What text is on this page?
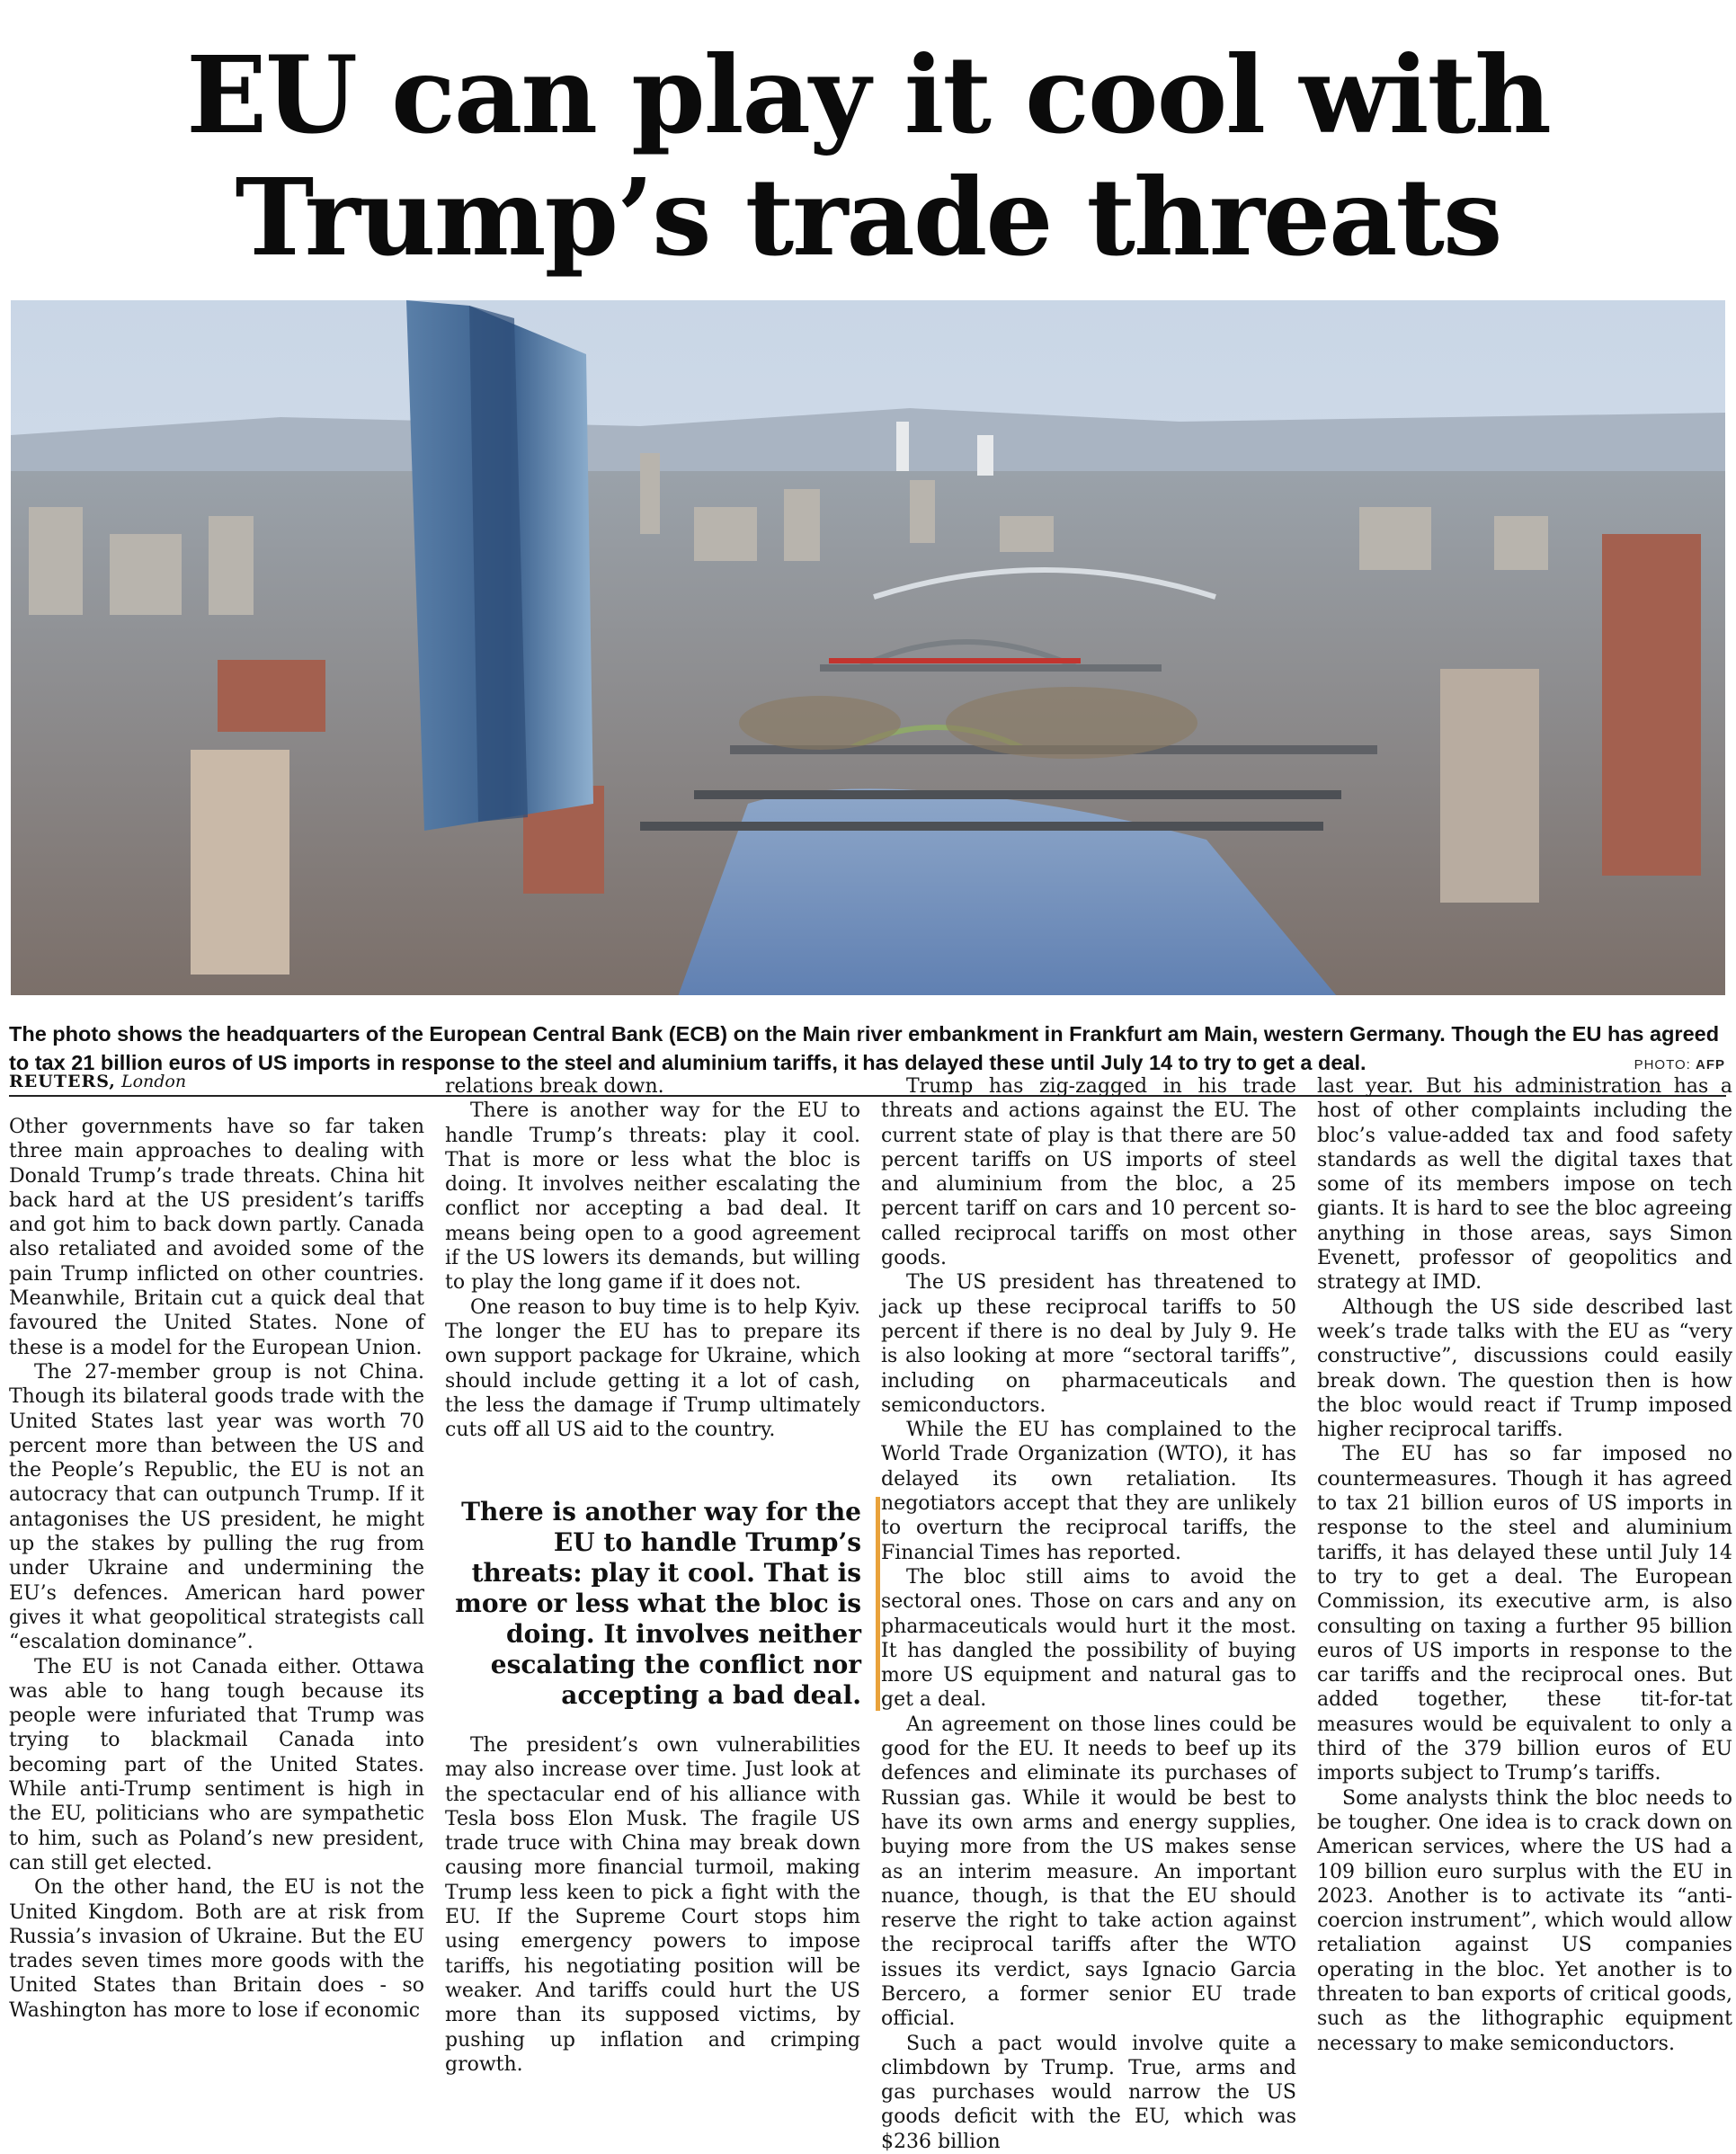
EU can play it cool with
Trump’s trade threats

The photo shows the headquarters of the European Central Bank (ECB) on the Main river embankment in Frankfurt am Main, western Germany. Though the EU has agreed to tax 21 billion euros of US imports in response to the steel and aluminium tariffs, it has delayed these until July 14 to try to get a deal.	PHOTO: AFP
REUTERS, London

Other governments have so far taken three main approaches to dealing with Donald Trump’s trade threats. China hit back hard at the US president’s tariffs and got him to back down partly. Canada also retaliated and avoided some of the pain Trump inflicted on other countries. Meanwhile, Britain cut a quick deal that favoured the United States. None of these is a model for the European Union.

The 27-member group is not China. Though its bilateral goods trade with the United States last year was worth 70 percent more than between the US and the People’s Republic, the EU is not an autocracy that can outpunch Trump. If it antagonises the US president, he might up the stakes by pulling the rug from under Ukraine and undermining the EU’s defences. American hard power gives it what geopolitical strategists call “escalation dominance”.

The EU is not Canada either. Ottawa was able to hang tough because its people were infuriated that Trump was trying to blackmail Canada into becoming part of the United States. While anti-Trump sentiment is high in the EU, politicians who are sympathetic to him, such as Poland’s new president, can still get elected.

On the other hand, the EU is not the United Kingdom. Both are at risk from Russia’s invasion of Ukraine. But the EU trades seven times more goods with the United States than Britain does - so Washington has more to lose if economic

relations break down.

There is another way for the EU to handle Trump’s threats: play it cool. That is more or less what the bloc is doing. It involves neither escalating the conflict nor accepting a bad deal. It means being open to a good agreement if the US lowers its demands, but willing to play the long game if it does not.

One reason to buy time is to help Kyiv. The longer the EU has to prepare its own support package for Ukraine, which should include getting it a lot of cash, the less the damage if Trump ultimately cuts off all US aid to the country.

There is another way for the EU to handle Trump’s threats: play it cool. That is more or less what the bloc is doing. It involves neither escalating the conflict nor accepting a bad deal.

The president’s own vulnerabilities may also increase over time. Just look at the spectacular end of his alliance with Tesla boss Elon Musk. The fragile US trade truce with China may break down causing more financial turmoil, making Trump less keen to pick a fight with the EU. If the Supreme Court stops him using emergency powers to impose tariffs, his negotiating position will be weaker. And tariffs could hurt the US more than its supposed victims, by pushing up inflation and crimping growth.

Trump has zig-zagged in his trade threats and actions against the EU. The current state of play is that there are 50 percent tariffs on US imports of steel and aluminium from the bloc, a 25 percent tariff on cars and 10 percent so-called reciprocal tariffs on most other goods.

The US president has threatened to jack up these reciprocal tariffs to 50 percent if there is no deal by July 9. He is also looking at more “sectoral tariffs”, including on pharmaceuticals and semiconductors.

While the EU has complained to the World Trade Organization (WTO), it has delayed its own retaliation. Its negotiators accept that they are unlikely to overturn the reciprocal tariffs, the Financial Times has reported.

The bloc still aims to avoid the sectoral ones. Those on cars and any on pharmaceuticals would hurt it the most. It has dangled the possibility of buying more US equipment and natural gas to get a deal.

An agreement on those lines could be good for the EU. It needs to beef up its defences and eliminate its purchases of Russian gas. While it would be best to have its own arms and energy supplies, buying more from the US makes sense as an interim measure. An important nuance, though, is that the EU should reserve the right to take action against the reciprocal tariffs after the WTO issues its verdict, says Ignacio Garcia Bercero, a former senior EU trade official.

Such a pact would involve quite a climbdown by Trump. True, arms and gas purchases would narrow the US goods deficit with the EU, which was $236 billion

last year. But his administration has a host of other complaints including the bloc’s value-added tax and food safety standards as well the digital taxes that some of its members impose on tech giants. It is hard to see the bloc agreeing anything in those areas, says Simon Evenett, professor of geopolitics and strategy at IMD.

Although the US side described last week’s trade talks with the EU as “very constructive”, discussions could easily break down. The question then is how the bloc would react if Trump imposed higher reciprocal tariffs.

The EU has so far imposed no countermeasures. Though it has agreed to tax 21 billion euros of US imports in response to the steel and aluminium tariffs, it has delayed these until July 14 to try to get a deal. The European Commission, its executive arm, is also consulting on taxing a further 95 billion euros of US imports in response to the car tariffs and the reciprocal ones. But added together, these tit-for-tat measures would be equivalent to only a third of the 379 billion euros of EU imports subject to Trump’s tariffs.

Some analysts think the bloc needs to be tougher. One idea is to crack down on American services, where the US had a 109 billion euro surplus with the EU in 2023. Another is to activate its “anti-coercion instrument”, which would allow retaliation against US companies operating in the bloc. Yet another is to threaten to ban exports of critical goods, such as the lithographic equipment necessary to make semiconductors.
